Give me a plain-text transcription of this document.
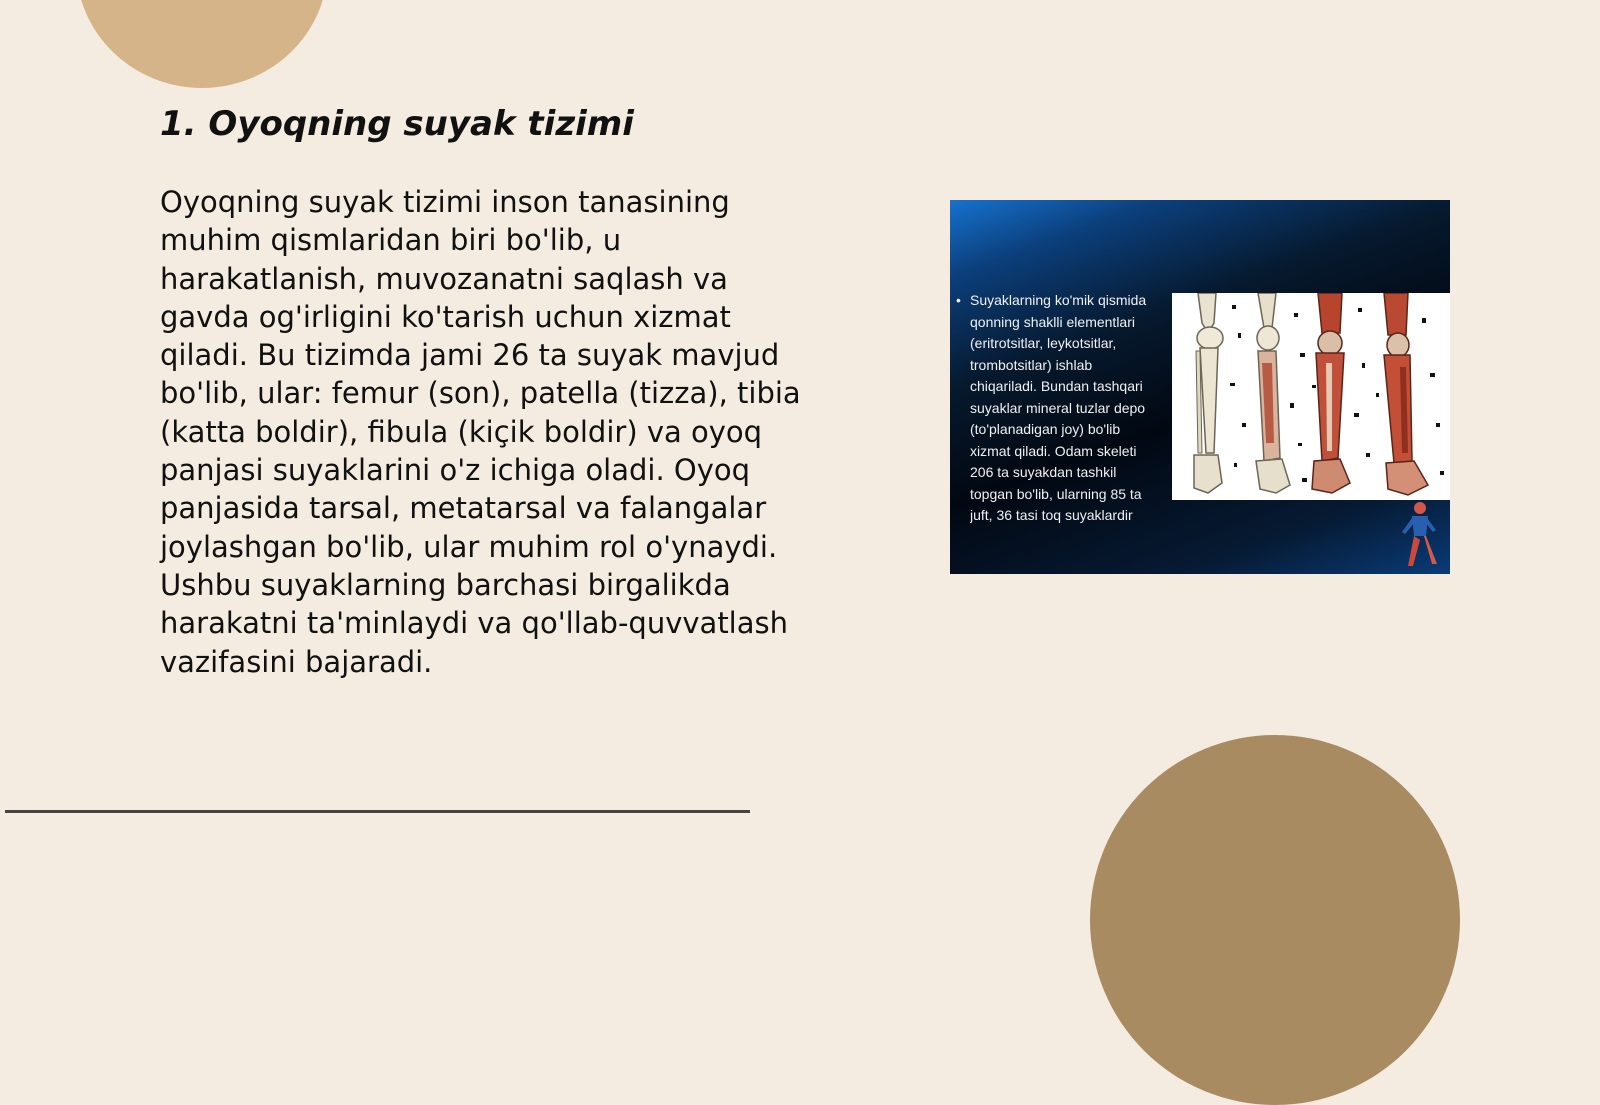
1. Oyoqning suyak tizimi

Oyoqning suyak tizimi inson tanasining muhim qismlaridan biri bo'lib, u harakatlanish, muvozanatni saqlash va gavda og'irligini ko'tarish uchun xizmat qiladi. Bu tizimda jami 26 ta suyak mavjud bo'lib, ular: femur (son), patella (tizza), tibia (katta boldir), fibula (kiçik boldir) va oyoq panjasi suyaklarini o'z ichiga oladi. Oyoq panjasida tarsal, metatarsal va falangalar joylashgan bo'lib, ular muhim rol o'ynaydi. Ushbu suyaklarning barchasi birgalikda harakatni ta'minlaydi va qo'llab-quvvatlash vazifasini bajaradi.

• Suyaklarning ko'mik qismida
qonning shaklli elementlari
(eritrotsitlar, leykotsitlar,
trombotsitlar) ishlab
chiqariladi. Bundan tashqari
suyaklar mineral tuzlar depo
(to'planadigan joy) bo'lib
xizmat qiladi. Odam skeleti
206 ta suyakdan tashkil
topgan bo'lib, ularning 85 ta
juft, 36 tasi toq suyaklardir
